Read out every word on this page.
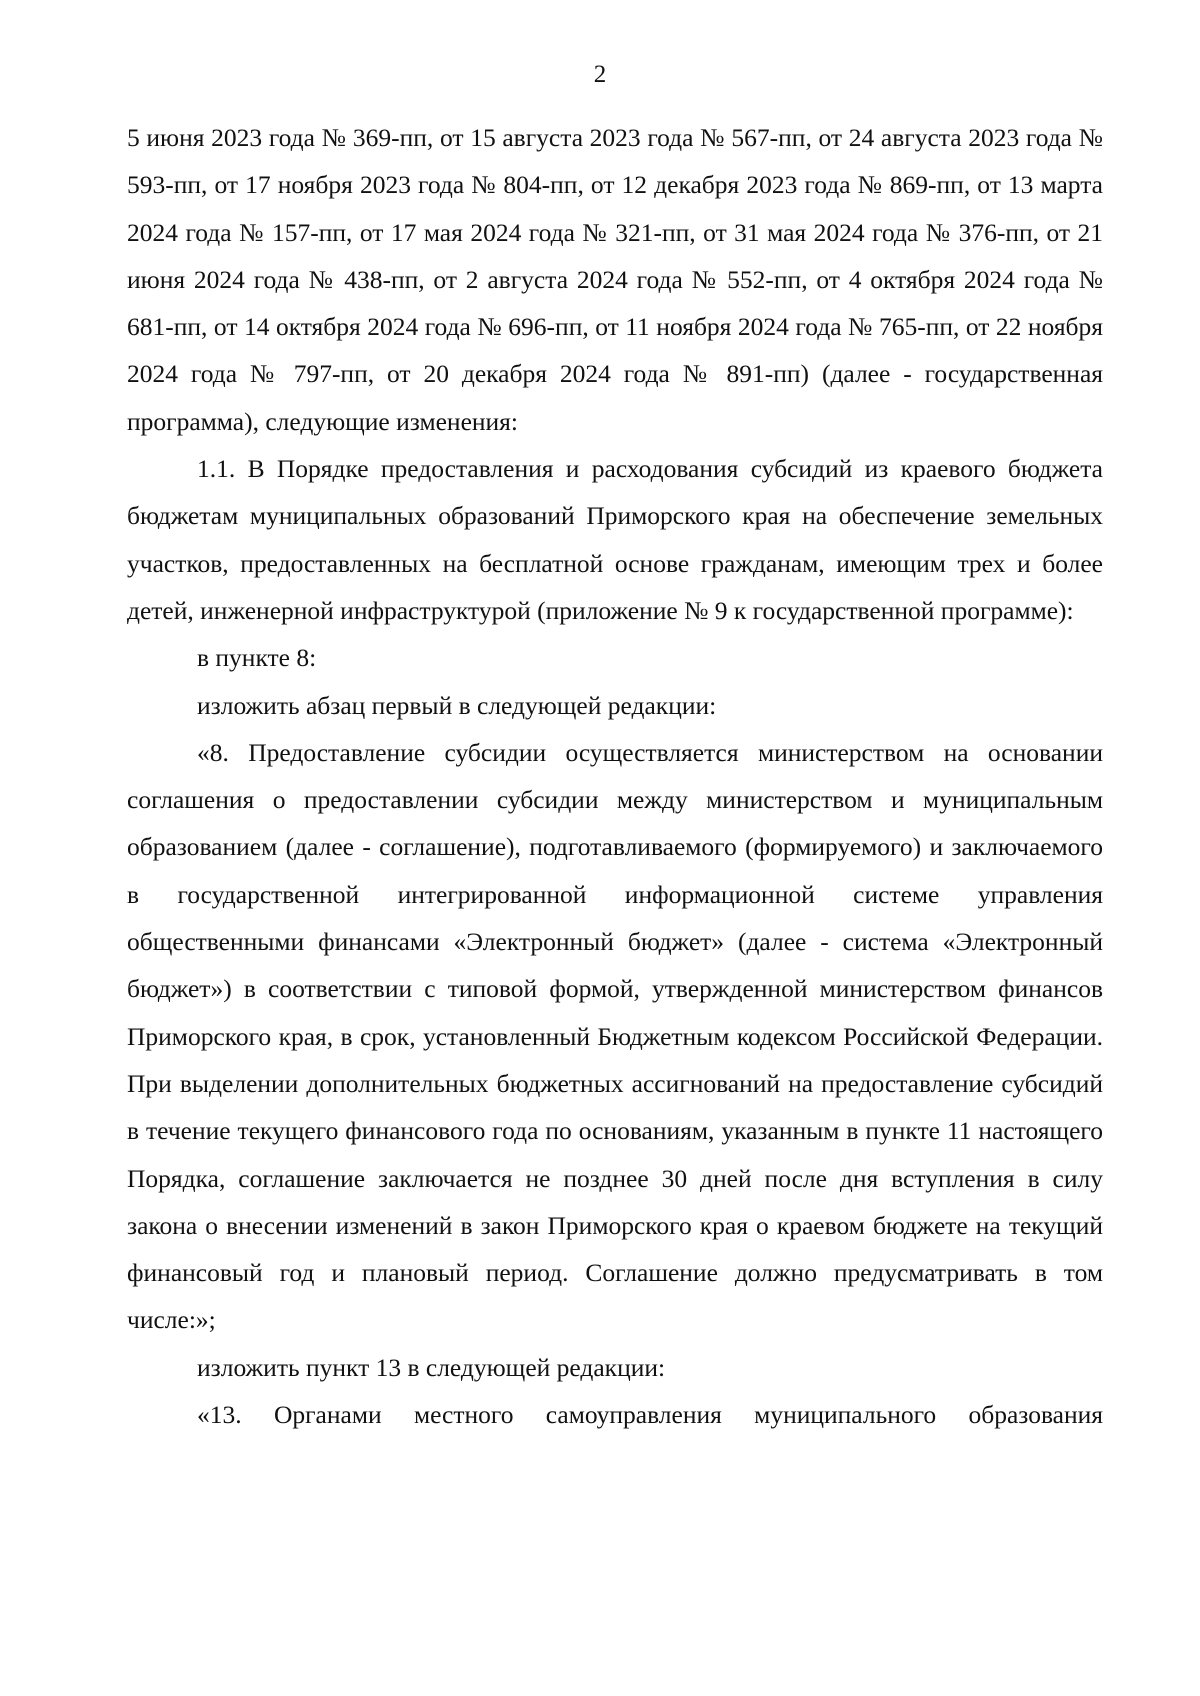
2

5 июня 2023 года № 369-пп, от 15 августа 2023 года № 567-пп, от 24 августа 2023 года № 593-пп, от 17 ноября 2023 года № 804-пп, от 12 декабря 2023 года № 869-пп, от 13 марта 2024 года № 157-пп, от 17 мая 2024 года № 321-пп, от 31 мая 2024 года № 376-пп, от 21 июня 2024 года № 438-пп, от 2 августа 2024 года № 552-пп, от 4 октября 2024 года № 681-пп, от 14 октября 2024 года № 696-пп, от 11 ноября 2024 года № 765-пп, от 22 ноября 2024 года № 797-пп, от 20 декабря 2024 года № 891-пп) (далее - государственная программа), следующие изменения:

1.1. В Порядке предоставления и расходования субсидий из краевого бюджета бюджетам муниципальных образований Приморского края на обеспечение земельных участков, предоставленных на бесплатной основе гражданам, имеющим трех и более детей, инженерной инфраструктурой (приложение № 9 к государственной программе):

в пункте 8:

изложить абзац первый в следующей редакции:

«8. Предоставление субсидии осуществляется министерством на основании соглашения о предоставлении субсидии между министерством и муниципальным образованием (далее - соглашение), подготавливаемого (формируемого) и заключаемого в государственной интегрированной информационной системе управления общественными финансами «Электронный бюджет» (далее - система «Электронный бюджет») в соответствии с типовой формой, утвержденной министерством финансов Приморского края, в срок, установленный Бюджетным кодексом Российской Федерации. При выделении дополнительных бюджетных ассигнований на предоставление субсидий в течение текущего финансового года по основаниям, указанным в пункте 11 настоящего Порядка, соглашение заключается не позднее 30 дней после дня вступления в силу закона о внесении изменений в закон Приморского края о краевом бюджете на текущий финансовый год и плановый период. Соглашение должно предусматривать в том числе:»;

изложить пункт 13 в следующей редакции:

«13. Органами местного самоуправления муниципального образования
